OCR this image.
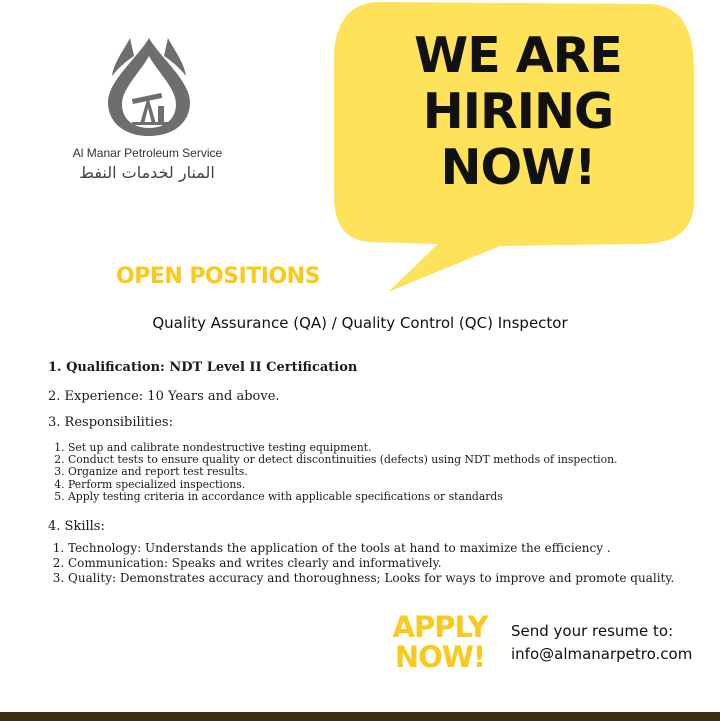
Al Manar Petroleum Service
المنار لخدمات النفط
WE ARE
HIRING
NOW!
OPEN POSITIONS
Quality Assurance (QA) / Quality Control (QC) Inspector
1. Qualification: NDT Level II Certification
2. Experience: 10 Years and above.
3. Responsibilities:
1. Set up and calibrate nondestructive testing equipment.
2. Conduct tests to ensure quality or detect discontinuities (defects) using NDT methods of inspection.
3. Organize and report test results.
4. Perform specialized inspections.
5. Apply testing criteria in accordance with applicable specifications or standards
4. Skills:
1. Technology: Understands the application of the tools at hand to maximize the efficiency .
2. Communication: Speaks and writes clearly and informatively.
3. Quality: Demonstrates accuracy and thoroughness; Looks for ways to improve and promote quality.
APPLY
NOW!
Send your resume to:
info@almanarpetro.com
